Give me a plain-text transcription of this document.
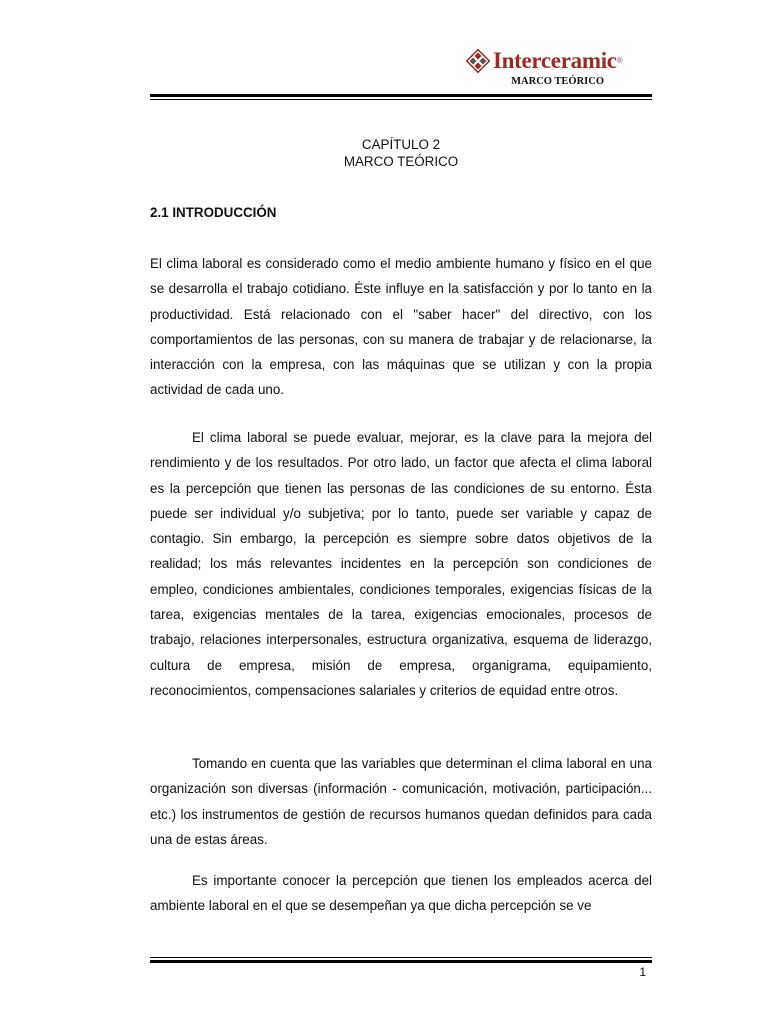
Interceramic®
MARCO TEÓRICO
CAPÍTULO 2
MARCO TEÓRICO
2.1 INTRODUCCIÓN

El clima laboral es considerado como el medio ambiente humano y físico en el que se desarrolla el trabajo cotidiano. Éste influye en la satisfacción y por lo tanto en la productividad. Está relacionado con el "saber hacer" del directivo, con los comportamientos de las personas, con su manera de trabajar y de relacionarse, la interacción con la empresa, con las máquinas que se utilizan y con la propia actividad de cada uno.

El clima laboral se puede evaluar, mejorar, es la clave para la mejora del rendimiento y de los resultados. Por otro lado, un factor que afecta el clima laboral es la percepción que tienen las personas de las condiciones de su entorno. Ésta puede ser individual y/o subjetiva; por lo tanto, puede ser variable y capaz de contagio. Sin embargo, la percepción es siempre sobre datos objetivos de la realidad; los más relevantes incidentes en la percepción son condiciones de empleo, condiciones ambientales, condiciones temporales, exigencias físicas de la tarea, exigencias mentales de la tarea, exigencias emocionales, procesos de trabajo, relaciones interpersonales, estructura organizativa, esquema de liderazgo, cultura de empresa, misión de empresa, organigrama, equipamiento, reconocimientos, compensaciones salariales y criterios de equidad entre otros.

Tomando en cuenta que las variables que determinan el clima laboral en una organización son diversas (información - comunicación, motivación, participación... etc.) los instrumentos de gestión de recursos humanos quedan definidos para cada una de estas áreas.

Es importante conocer la percepción que tienen los empleados acerca del ambiente laboral en el que se desempeñan ya que dicha percepción se ve

1
